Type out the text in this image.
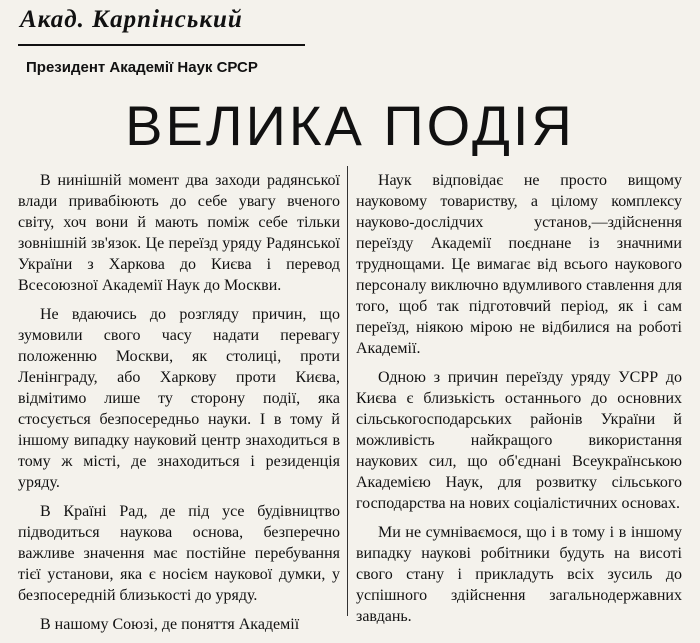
Акад. Карпінський
Президент Академії Наук СРСР
ВЕЛИКА ПОДІЯ

В нинішній момент два заходи радянської влади привабіюють до себе увагу вченого світу, хоч вони й мають поміж себе тільки зовнішній зв'язок. Це переїзд уряду Радянської України з Харкова до Києва і перевод Всесоюзної Академії Наук до Москви.

Не вдаючись до розгляду причин, що зумовили свого часу надати перевагу положенню Москви, як столиці, проти Ленінграду, або Харкову проти Києва, відмітимо лише ту сторону події, яка стосується безпосередньо науки. І в тому й іншому випадку науковий центр знаходиться в тому ж місті, де знаходиться і резиденція уряду.

В Країні Рад, де під усе будівництво підводиться наукова основа, безперечно важливе значення має постійне перебування тієї установи, яка є носієм наукової думки, у безпосередній близькості до уряду.

В нашому Союзі, де поняття Академії

Наук відповідає не просто вищому науковому товариству, а цілому комплексу науково-дослідчих установ,—здійснення переїзду Академії поєднане із значними труднощами. Це вимагає від всього наукового персоналу виключно вдумливого ставлення для того, щоб так підготовчий період, як і сам переїзд, ніякою мірою не відбилися на роботі Академії.

Одною з причин переїзду уряду УСРР до Києва є близькість останнього до основних сільськогосподарських районів України й можливість найкращого використання наукових сил, що об'єднані Всеукраїнською Академією Наук, для розвитку сільського господарства на нових соціалістичних основах.

Ми не сумніваємося, що і в тому і в іншому випадку наукові робітники будуть на висоті свого стану і прикладуть всіх зусиль до успішного здійснення загальнодержавних завдань.
